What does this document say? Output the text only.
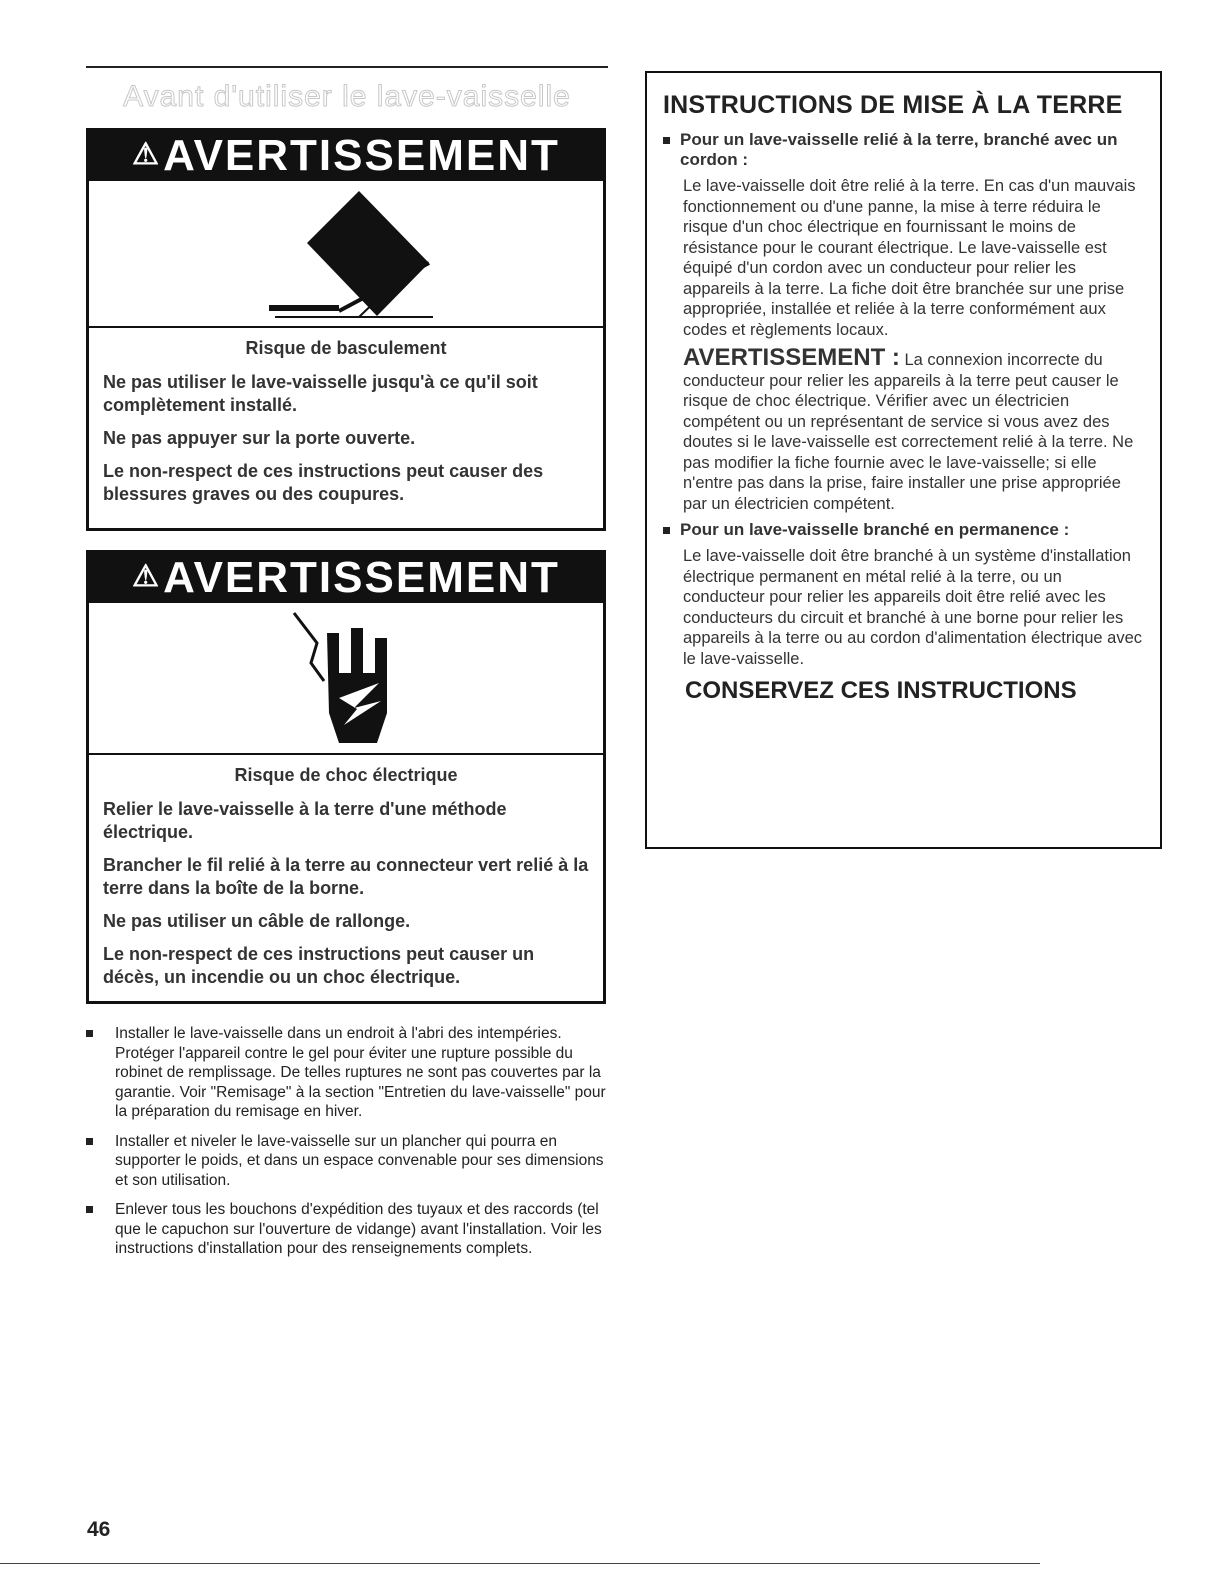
Avant d'utiliser le lave-vaisselle
⚠ AVERTISSEMENT

Risque de basculement

Ne pas utiliser le lave-vaisselle jusqu'à ce qu'il soit complètement installé.

Ne pas appuyer sur la porte ouverte.

Le non-respect de ces instructions peut causer des blessures graves ou des coupures.

⚠ AVERTISSEMENT

Risque de choc électrique

Relier le lave-vaisselle à la terre d'une méthode électrique.

Brancher le fil relié à la terre au connecteur vert relié à la terre dans la boîte de la borne.

Ne pas utiliser un câble de rallonge.

Le non-respect de ces instructions peut causer un décès, un incendie ou un choc électrique.

Installer le lave-vaisselle dans un endroit à l'abri des intempéries. Protéger l'appareil contre le gel pour éviter une rupture possible du robinet de remplissage. De telles ruptures ne sont pas couvertes par la garantie. Voir "Remisage" à la section "Entretien du lave-vaisselle" pour la préparation du remisage en hiver.
Installer et niveler le lave-vaisselle sur un plancher qui pourra en supporter le poids, et dans un espace convenable pour ses dimensions et son utilisation.
Enlever tous les bouchons d'expédition des tuyaux et des raccords (tel que le capuchon sur l'ouverture de vidange) avant l'installation. Voir les instructions d'installation pour des renseignements complets.
INSTRUCTIONS DE MISE À LA TERRE
Pour un lave-vaisselle relié à la terre, branché avec un cordon :

Le lave-vaisselle doit être relié à la terre. En cas d'un mauvais fonctionnement ou d'une panne, la mise à terre réduira le risque d'un choc électrique en fournissant le moins de résistance pour le courant électrique. Le lave-vaisselle est équipé d'un cordon avec un conducteur pour relier les appareils à la terre. La fiche doit être branchée sur une prise appropriée, installée et reliée à la terre conformément aux codes et règlements locaux.

AVERTISSEMENT : La connexion incorrecte du conducteur pour relier les appareils à la terre peut causer le risque de choc électrique. Vérifier avec un électricien compétent ou un représentant de service si vous avez des doutes si le lave-vaisselle est correctement relié à la terre. Ne pas modifier la fiche fournie avec le lave-vaisselle; si elle n'entre pas dans la prise, faire installer une prise appropriée par un électricien compétent.

Pour un lave-vaisselle branché en permanence :

Le lave-vaisselle doit être branché à un système d'installation électrique permanent en métal relié à la terre, ou un conducteur pour relier les appareils doit être relié avec les conducteurs du circuit et branché à une borne pour relier les appareils à la terre ou au cordon d'alimentation électrique avec le lave-vaisselle.

CONSERVEZ CES INSTRUCTIONS
46
